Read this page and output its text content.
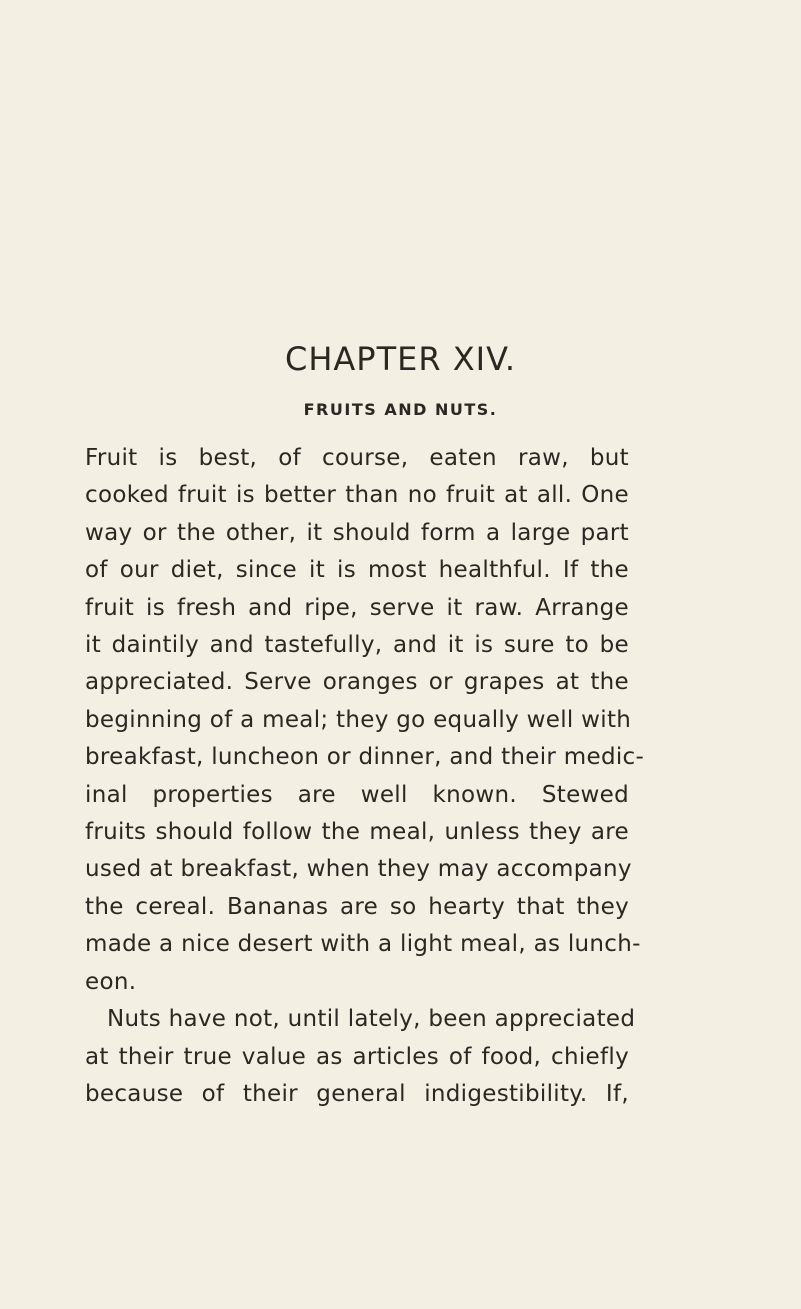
CHAPTER XIV.
FRUITS AND NUTS.

Fruit is best, of course, eaten raw, but
cooked fruit is better than no fruit at all. One
way or the other, it should form a large part
of our diet, since it is most healthful. If the
fruit is fresh and ripe, serve it raw. Arrange
it daintily and tastefully, and it is sure to be
appreciated. Serve oranges or grapes at the
beginning of a meal; they go equally well with
breakfast, luncheon or dinner, and their medic-
inal properties are well known. Stewed
fruits should follow the meal, unless they are
used at breakfast, when they may accompany
the cereal. Bananas are so hearty that they
made a nice desert with a light meal, as lunch-
eon.

Nuts have not, until lately, been appreciated
at their true value as articles of food, chiefly
because of their general indigestibility. If,
